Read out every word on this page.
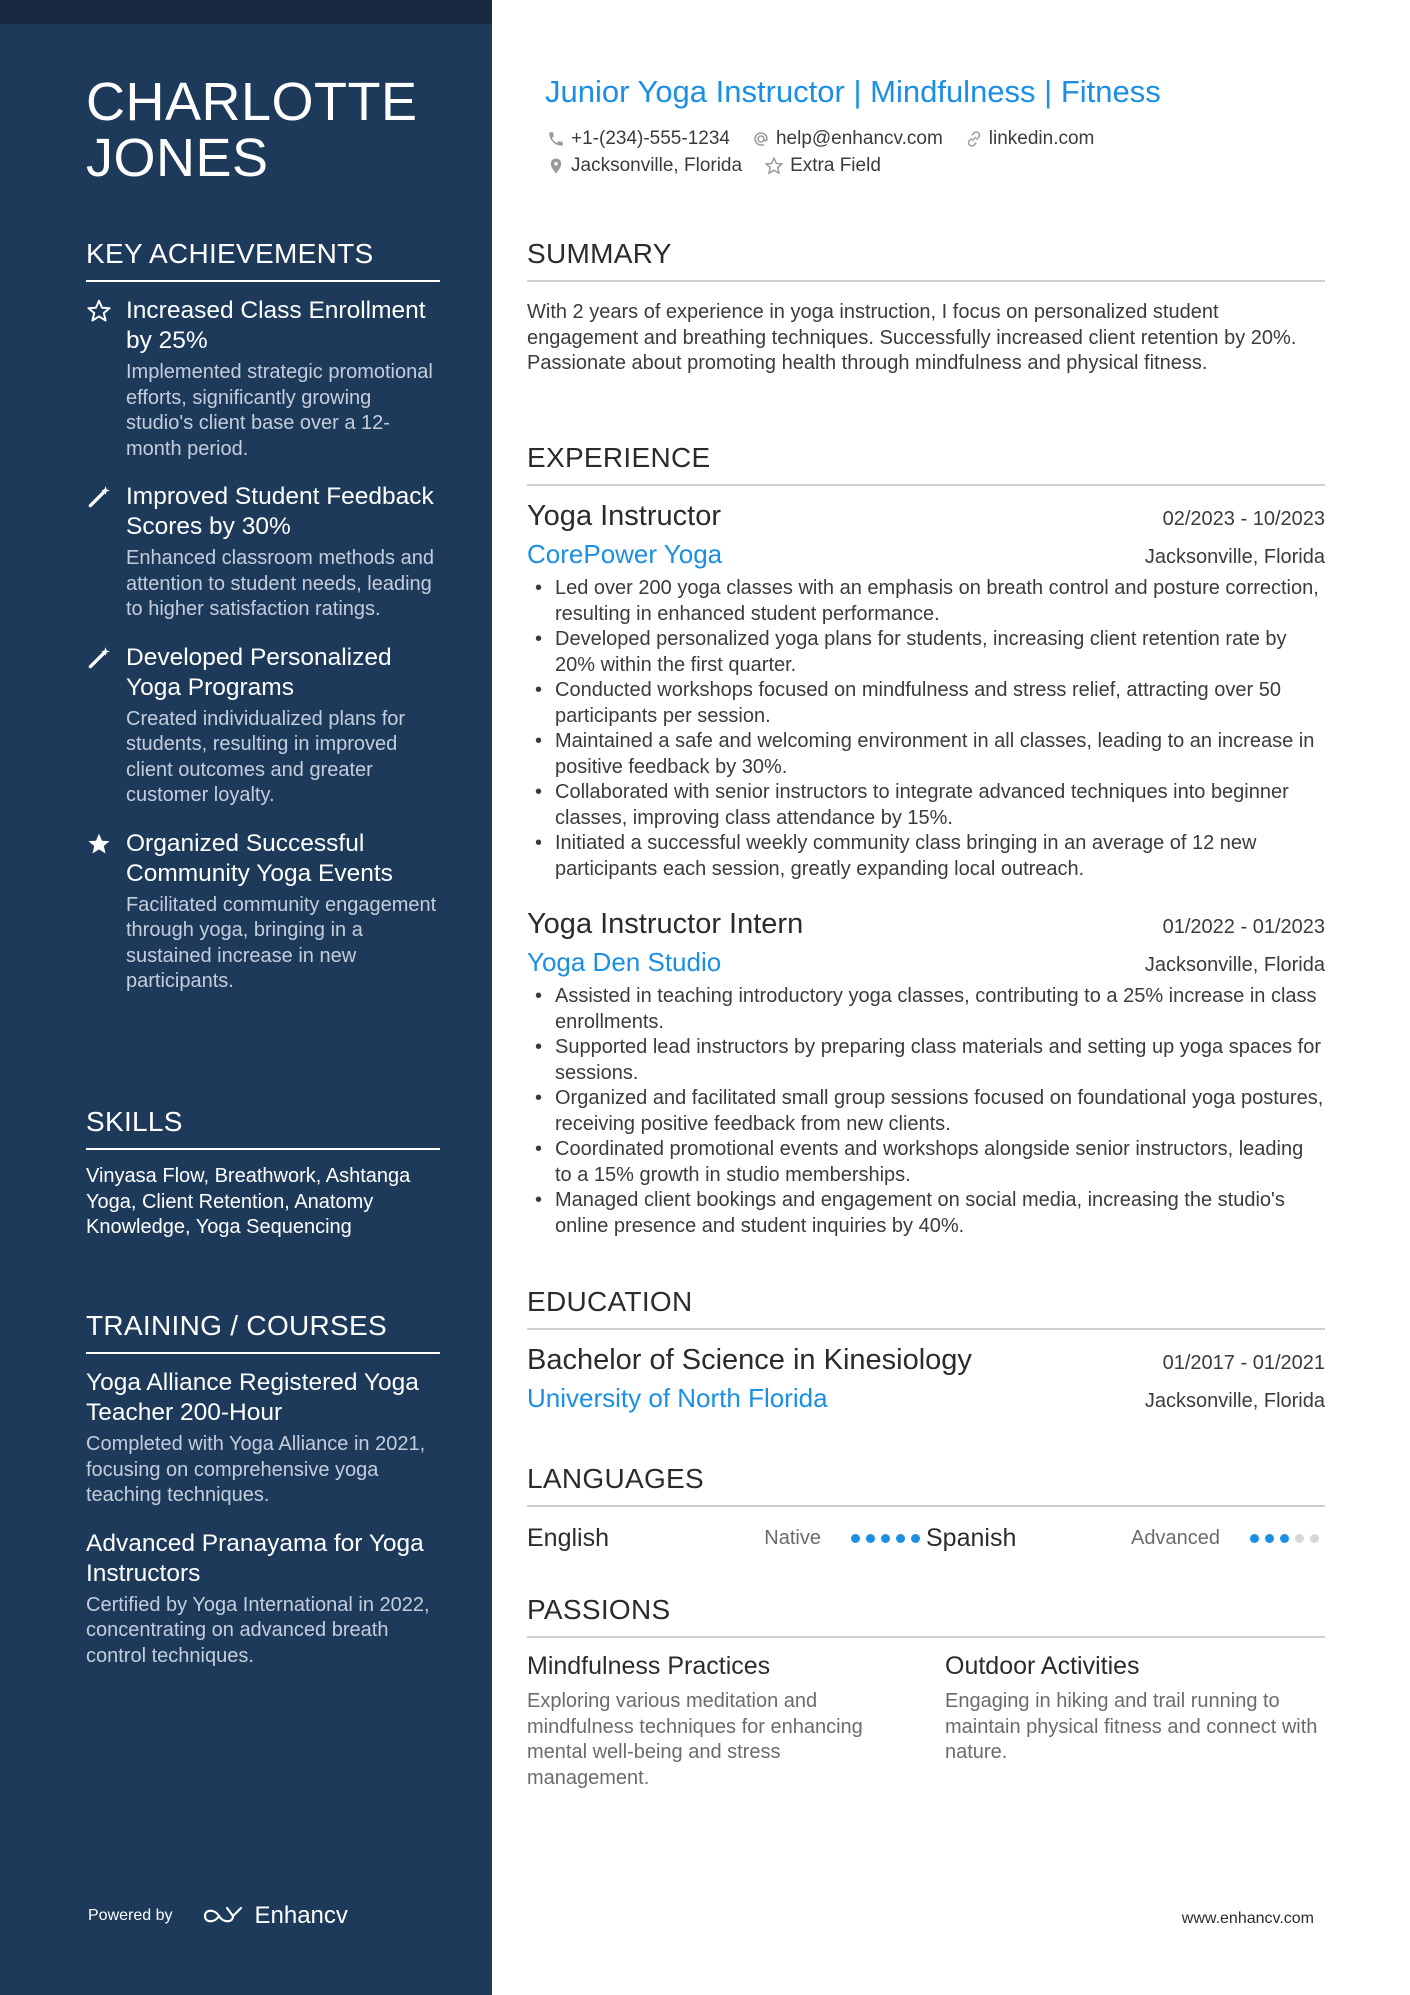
CHARLOTTE
JONES
KEY ACHIEVEMENTS
Increased Class Enrollment by 25%
Implemented strategic promotional efforts, significantly growing studio's client base over a 12-month period.
Improved Student Feedback Scores by 30%
Enhanced classroom methods and attention to student needs, leading to higher satisfaction ratings.
Developed Personalized Yoga Programs
Created individualized plans for students, resulting in improved client outcomes and greater customer loyalty.
Organized Successful Community Yoga Events
Facilitated community engagement through yoga, bringing in a sustained increase in new participants.
SKILLS
Vinyasa Flow, Breathwork, Ashtanga Yoga, Client Retention, Anatomy Knowledge, Yoga Sequencing
TRAINING / COURSES
Yoga Alliance Registered Yoga Teacher 200-Hour
Completed with Yoga Alliance in 2021, focusing on comprehensive yoga teaching techniques.
Advanced Pranayama for Yoga Instructors
Certified by Yoga International in 2022, concentrating on advanced breath control techniques.
Powered by	Enhancv
Junior Yoga Instructor | Mindfulness | Fitness
+1-(234)-555-1234 help@enhancv.com linkedin.com
Jacksonville, Florida	Extra Field
SUMMARY
With 2 years of experience in yoga instruction, I focus on personalized student engagement and breathing techniques. Successfully increased client retention by 20%. Passionate about promoting health through mindfulness and physical fitness.
EXPERIENCE
Yoga Instructor	02/2023 - 10/2023
CorePower Yoga	Jacksonville, Florida
• Led over 200 yoga classes with an emphasis on breath control and posture correction, resulting in enhanced student performance.
• Developed personalized yoga plans for students, increasing client retention rate by 20% within the first quarter.
• Conducted workshops focused on mindfulness and stress relief, attracting over 50 participants per session.
• Maintained a safe and welcoming environment in all classes, leading to an increase in positive feedback by 30%.
• Collaborated with senior instructors to integrate advanced techniques into beginner classes, improving class attendance by 15%.
• Initiated a successful weekly community class bringing in an average of 12 new participants each session, greatly expanding local outreach.
Yoga Instructor Intern	01/2022 - 01/2023
Yoga Den Studio	Jacksonville, Florida
• Assisted in teaching introductory yoga classes, contributing to a 25% increase in class enrollments.
• Supported lead instructors by preparing class materials and setting up yoga spaces for sessions.
• Organized and facilitated small group sessions focused on foundational yoga postures, receiving positive feedback from new clients.
• Coordinated promotional events and workshops alongside senior instructors, leading to a 15% growth in studio memberships.
• Managed client bookings and engagement on social media, increasing the studio's online presence and student inquiries by 40%.
EDUCATION
Bachelor of Science in Kinesiology	01/2017 - 01/2021
University of North Florida	Jacksonville, Florida
LANGUAGES
English	Native	Spanish	Advanced
PASSIONS
Mindfulness Practices
Exploring various meditation and mindfulness techniques for enhancing mental well-being and stress management.
Outdoor Activities
Engaging in hiking and trail running to maintain physical fitness and connect with nature.
www.enhancv.com
